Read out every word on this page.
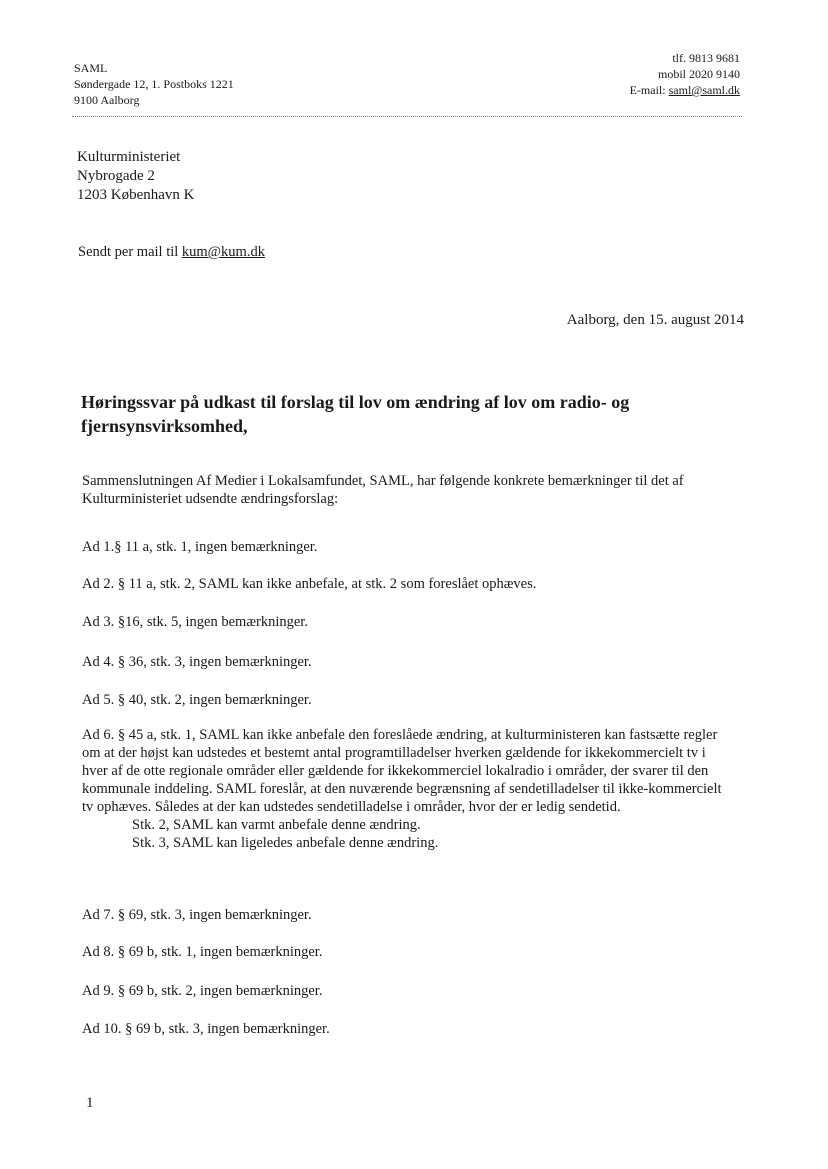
SAML
Søndergade 12, 1. Postboks 1221
9100 Aalborg
tlf. 9813 9681
mobil 2020 9140
E-mail: saml@saml.dk
Kulturministeriet
Nybrogade 2
1203 København K
Sendt per mail til kum@kum.dk
Aalborg, den 15. august 2014
Høringssvar på udkast til forslag til lov om ændring af lov om radio- og fjernsynsvirksomhed,

Sammenslutningen Af Medier i Lokalsamfundet, SAML, har følgende konkrete bemærkninger til det af Kulturministeriet udsendte ændringsforslag:

Ad 1.§ 11 a, stk. 1, ingen bemærkninger.
Ad 2. § 11 a, stk. 2, SAML kan ikke anbefale, at stk. 2 som foreslået ophæves.
Ad 3. §16, stk. 5, ingen bemærkninger.
Ad 4. § 36, stk. 3, ingen bemærkninger.
Ad 5. § 40, stk. 2, ingen bemærkninger.

Ad 6. § 45 a, stk. 1, SAML kan ikke anbefale den foreslåede ændring, at kulturministeren kan fastsætte regler om at der højst kan udstedes et bestemt antal programtilladelser hverken gældende for ikkekommercielt tv i hver af de otte regionale områder eller gældende for ikkekommerciel lokalradio i områder, der svarer til den kommunale inddeling. SAML foreslår, at den nuværende begrænsning af sendetilladelser til ikke-kommercielt tv ophæves. Således at der kan udstedes sendetilladelse i områder, hvor der er ledig sendetid.

Stk. 2, SAML kan varmt anbefale denne ændring.

Stk. 3, SAML kan ligeledes anbefale denne ændring.

Ad 7. § 69, stk. 3, ingen bemærkninger.
Ad 8. § 69 b, stk. 1, ingen bemærkninger.
Ad 9. § 69 b, stk. 2, ingen bemærkninger.
Ad 10. § 69 b, stk. 3, ingen bemærkninger.
1
